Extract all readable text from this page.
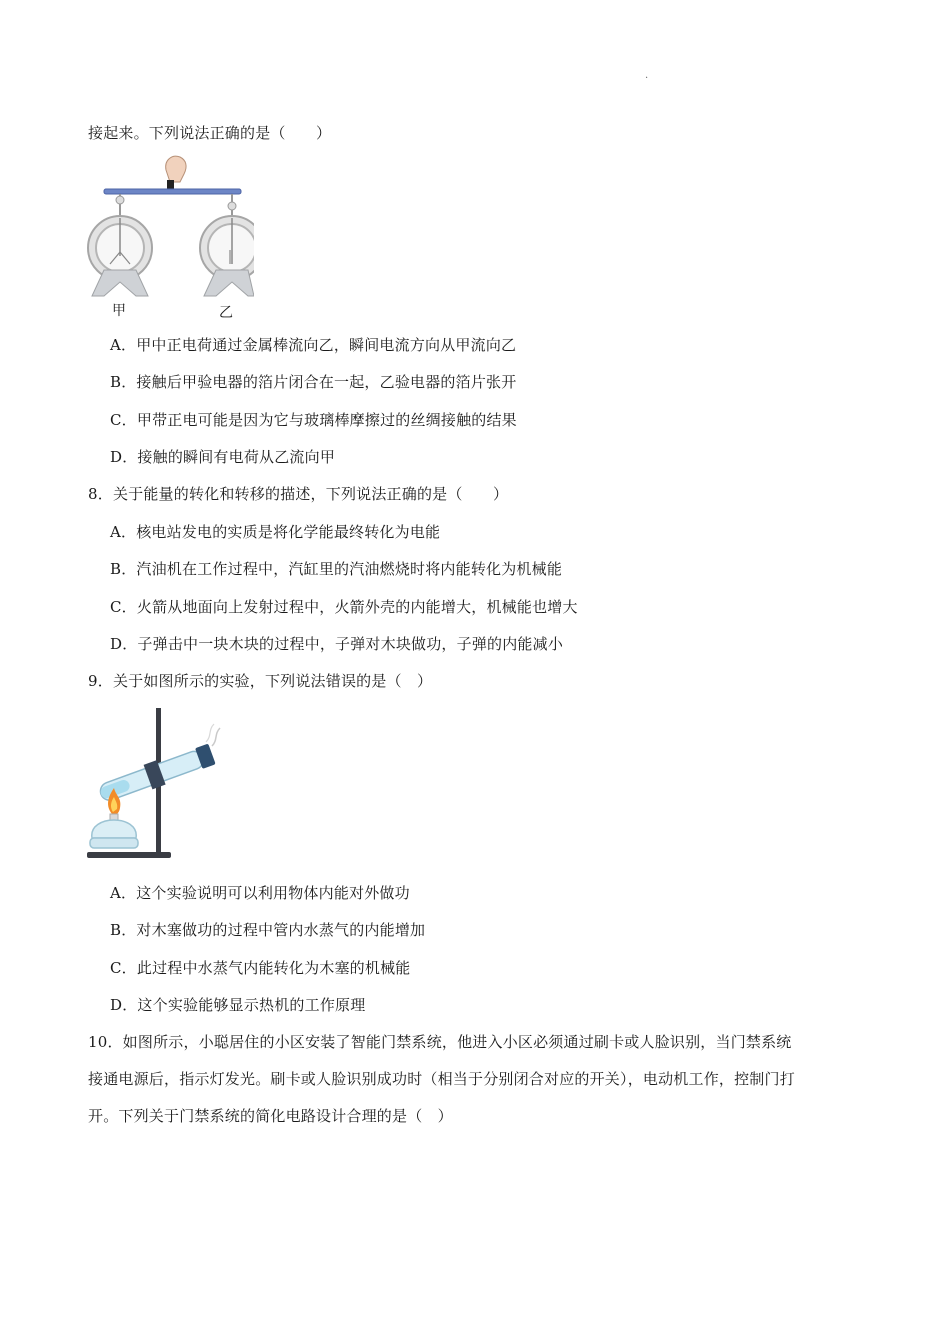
.
接起来。下列说法正确的是（　　）
甲	乙
A．甲中正电荷通过金属棒流向乙，瞬间电流方向从甲流向乙
B．接触后甲验电器的箔片闭合在一起，乙验电器的箔片张开
C．甲带正电可能是因为它与玻璃棒摩擦过的丝绸接触的结果
D．接触的瞬间有电荷从乙流向甲
8．关于能量的转化和转移的描述，下列说法正确的是（　　）
A．核电站发电的实质是将化学能最终转化为电能
B．汽油机在工作过程中，汽缸里的汽油燃烧时将内能转化为机械能
C．火箭从地面向上发射过程中，火箭外壳的内能增大，机械能也增大
D．子弹击中一块木块的过程中，子弹对木块做功，子弹的内能减小
9．关于如图所示的实验，下列说法错误的是（　）
A．这个实验说明可以利用物体内能对外做功
B．对木塞做功的过程中管内水蒸气的内能增加
C．此过程中水蒸气内能转化为木塞的机械能
D．这个实验能够显示热机的工作原理
10．如图所示，小聪居住的小区安装了智能门禁系统，他进入小区必须通过刷卡或人脸识别，当门禁系统
接通电源后，指示灯发光。刷卡或人脸识别成功时（相当于分别闭合对应的开关），电动机工作，控制门打
开。下列关于门禁系统的简化电路设计合理的是（　）
